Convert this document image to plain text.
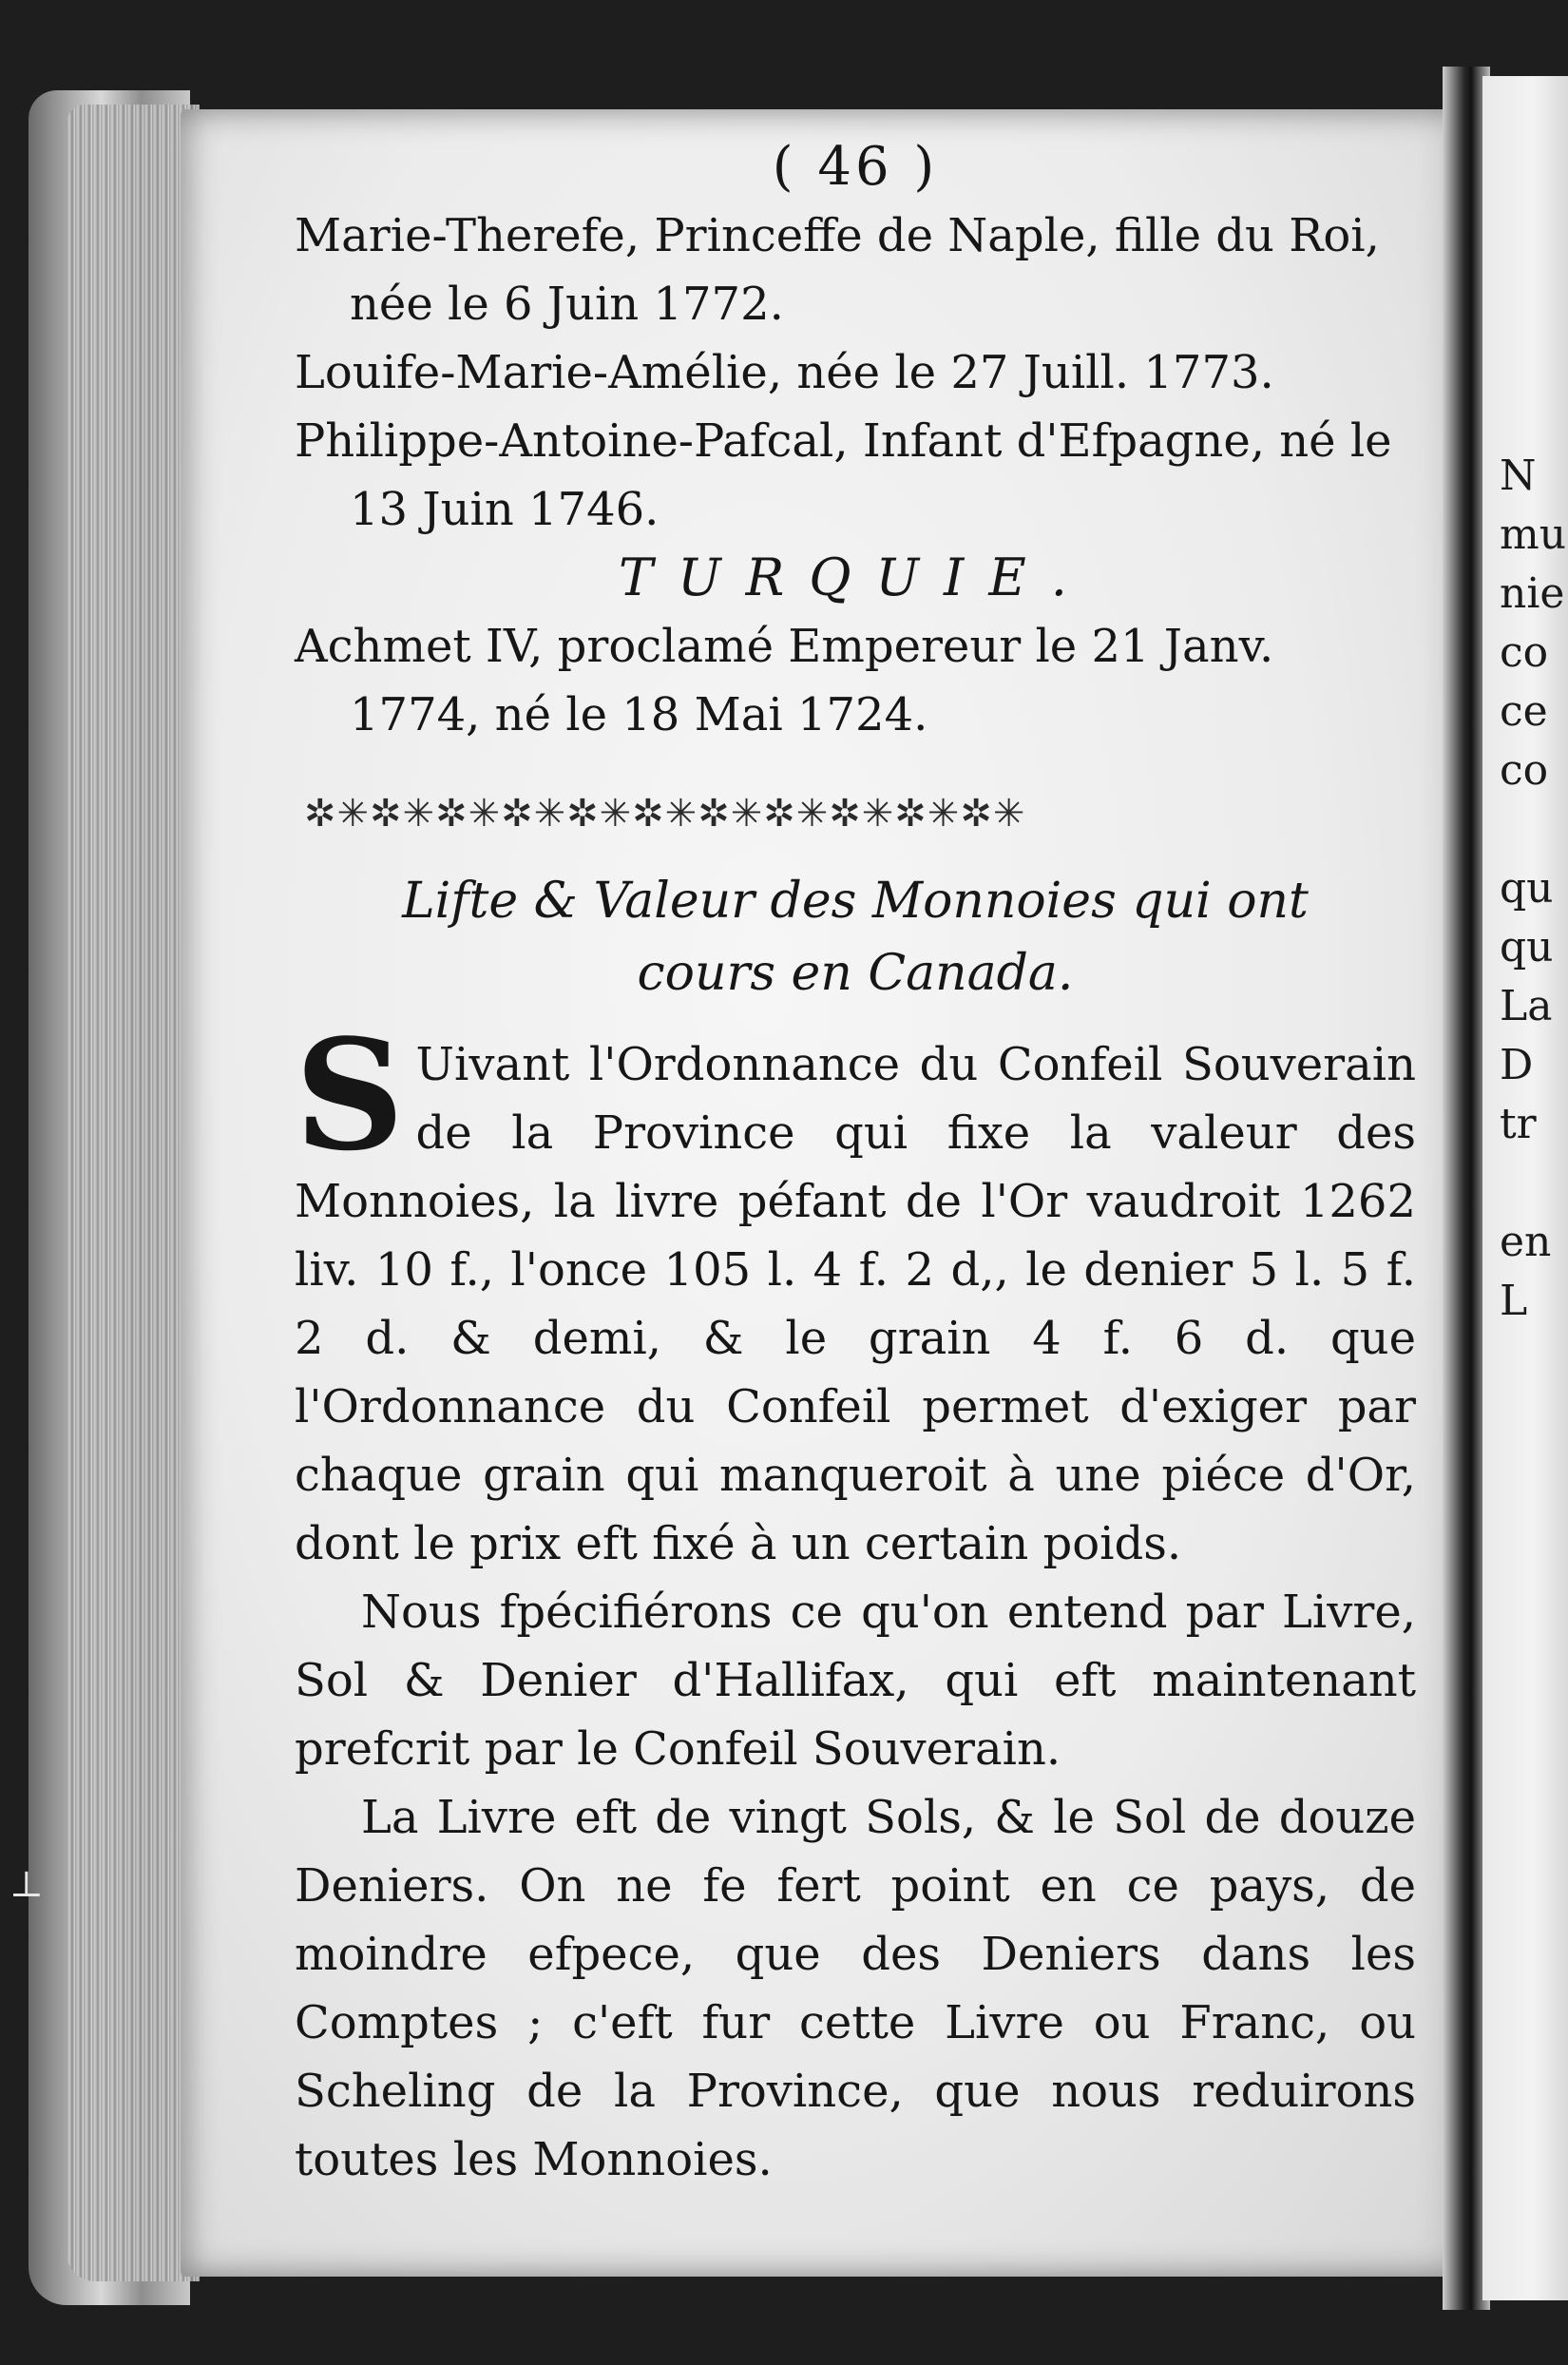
N
mu
nie
co
ce
co

qu
qu
La
D
tr

en
L
⊥
( 46 )

Marie-Therefe, Princeffe de Naple, fille du Roi, née le 6 Juin 1772.

Louife-Marie-Amélie, née le 27 Juill. 1773.

Philippe-Antoine-Pafcal, Infant d'Efpagne, né le 13 Juin 1746.

TURQUIE.

Achmet IV, proclamé Empereur le 21 Janv. 1774, né le 18 Mai 1724.

✲✳✲✳✲✳✲✳✲✳✲✳✲✳✲✳✲✳✲✳✲✳
Lifte & Valeur des Monnoies qui ont
cours en Canada.

S Uivant l'Ordonnance du Confeil Souverain de la Province qui fixe la valeur des Monnoies, la livre péfant de l'Or vaudroit 1262 liv. 10 f., l'once 105 l. 4 f. 2 d,, le denier 5 l. 5 f. 2 d. & demi, & le grain 4 f. 6 d. que l'Ordonnance du Confeil permet d'exiger par chaque grain qui manqueroit à une piéce d'Or, dont le prix eft fixé à un certain poids.

Nous fpécifiérons ce qu'on entend par Livre, Sol & Denier d'Hallifax, qui eft maintenant prefcrit par le Confeil Souverain.

La Livre eft de vingt Sols, & le Sol de douze Deniers. On ne fe fert point en ce pays, de moindre efpece, que des Deniers dans les Comptes ; c'eft fur cette Livre ou Franc, ou Scheling de la Province, que nous reduirons toutes les Monnoies.
